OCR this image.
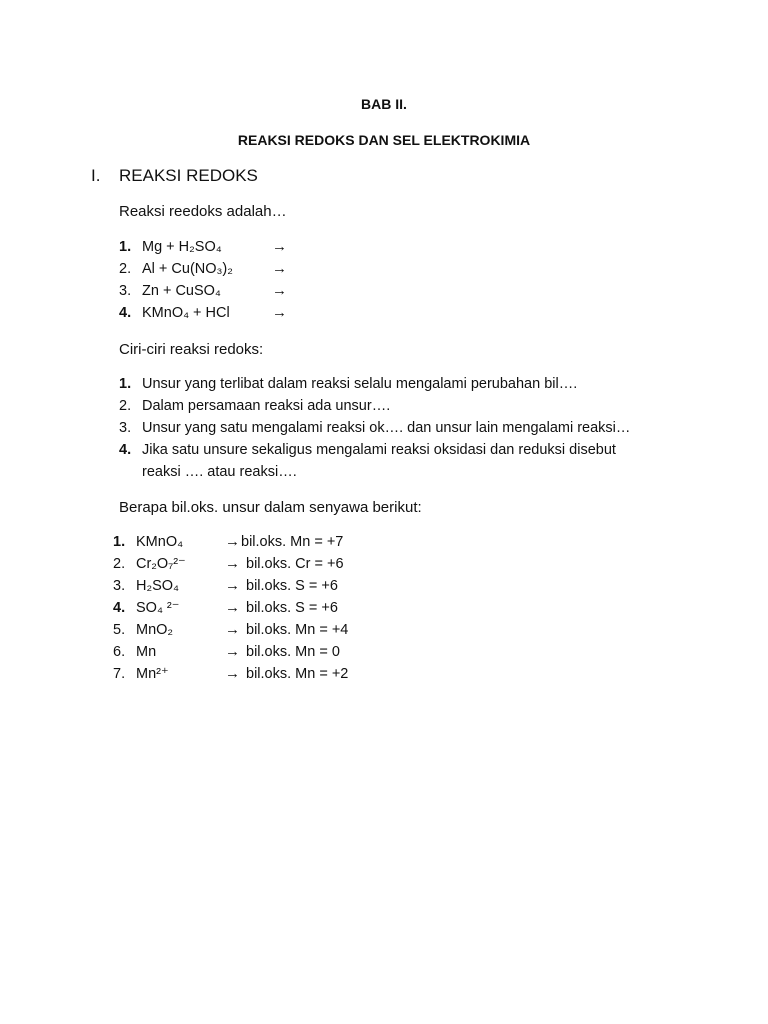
BAB II.
REAKSI REDOKS DAN SEL ELEKTROKIMIA
I. REAKSI REDOKS
Reaksi reedoks adalah…
1. Mg + H₂SO₄	→
2. Al + Cu(NO₃)₂	→
3. Zn + CuSO₄	→
4. KMnO₄ + HCl	→
Ciri-ciri reaksi redoks:
1. Unsur yang terlibat dalam reaksi selalu mengalami perubahan bil….
2. Dalam persamaan reaksi ada unsur….
3. Unsur yang satu mengalami reaksi ok…. dan unsur lain mengalami reaksi…
4. Jika satu unsure sekaligus mengalami reaksi oksidasi dan reduksi disebut
reaksi …. atau reaksi….
Berapa bil.oks. unsur dalam senyawa berikut:
1. KMnO₄	→ bil.oks. Mn = +7
2. Cr₂O₇²⁻	→ bil.oks. Cr = +6
3. H₂SO₄	→ bil.oks. S = +6
4. SO₄ ²⁻	→ bil.oks. S = +6
5. MnO₂	→ bil.oks. Mn = +4
6. Mn	→ bil.oks. Mn = 0
7. Mn²⁺	→ bil.oks. Mn = +2
